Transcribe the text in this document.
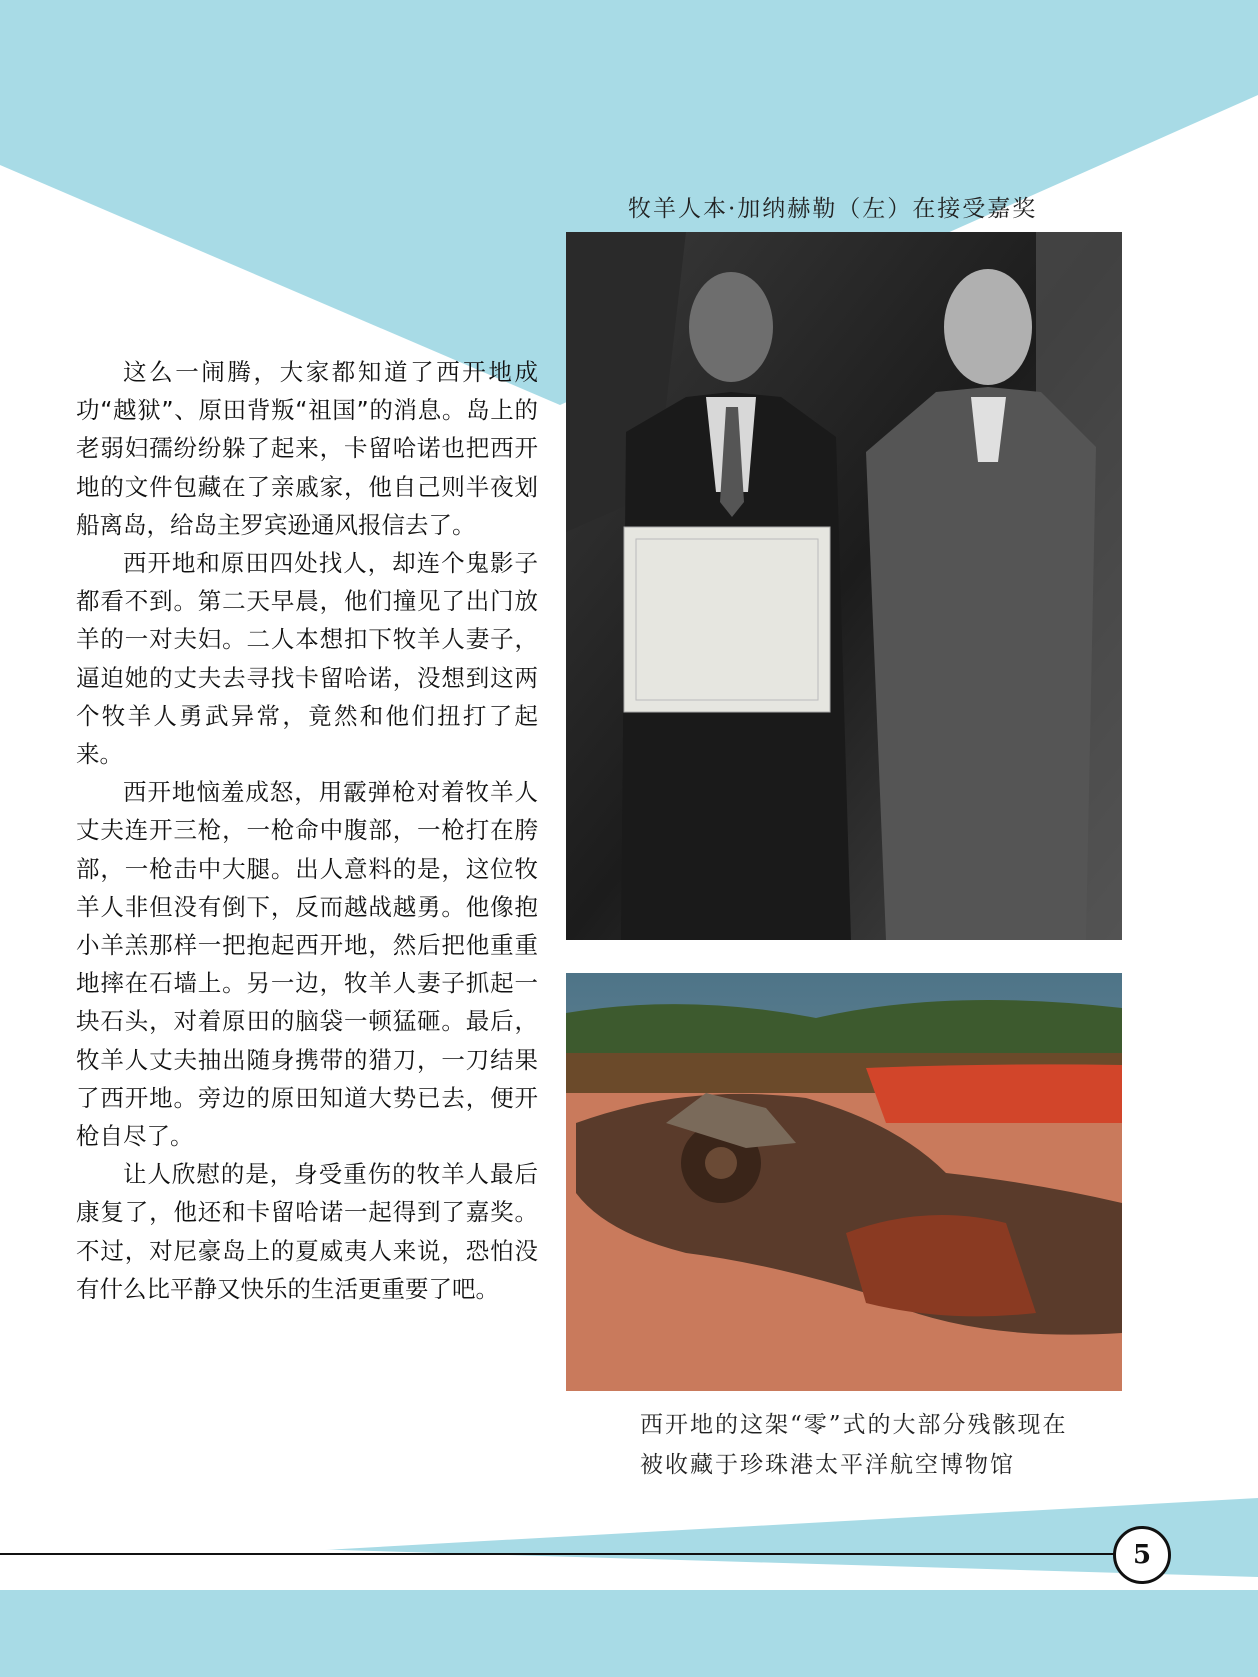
牧羊人本·加纳赫勒（左）在接受嘉奖

这么一闹腾，大家都知道了西开地成功“越狱”、原田背叛“祖国”的消息。岛上的老弱妇孺纷纷躲了起来，卡留哈诺也把西开地的文件包藏在了亲戚家，他自己则半夜划船离岛，给岛主罗宾逊通风报信去了。

西开地和原田四处找人，却连个鬼影子都看不到。第二天早晨，他们撞见了出门放羊的一对夫妇。二人本想扣下牧羊人妻子，逼迫她的丈夫去寻找卡留哈诺，没想到这两个牧羊人勇武异常，竟然和他们扭打了起来。

西开地恼羞成怒，用霰弹枪对着牧羊人丈夫连开三枪，一枪命中腹部，一枪打在胯部，一枪击中大腿。出人意料的是，这位牧羊人非但没有倒下，反而越战越勇。他像抱小羊羔那样一把抱起西开地，然后把他重重地摔在石墙上。另一边，牧羊人妻子抓起一块石头，对着原田的脑袋一顿猛砸。最后，牧羊人丈夫抽出随身携带的猎刀，一刀结果了西开地。旁边的原田知道大势已去，便开枪自尽了。

让人欣慰的是，身受重伤的牧羊人最后康复了，他还和卡留哈诺一起得到了嘉奖。不过，对尼豪岛上的夏威夷人来说，恐怕没有什么比平静又快乐的生活更重要了吧。

西开地的这架“零”式的大部分残骸现在
被收藏于珍珠港太平洋航空博物馆
5
